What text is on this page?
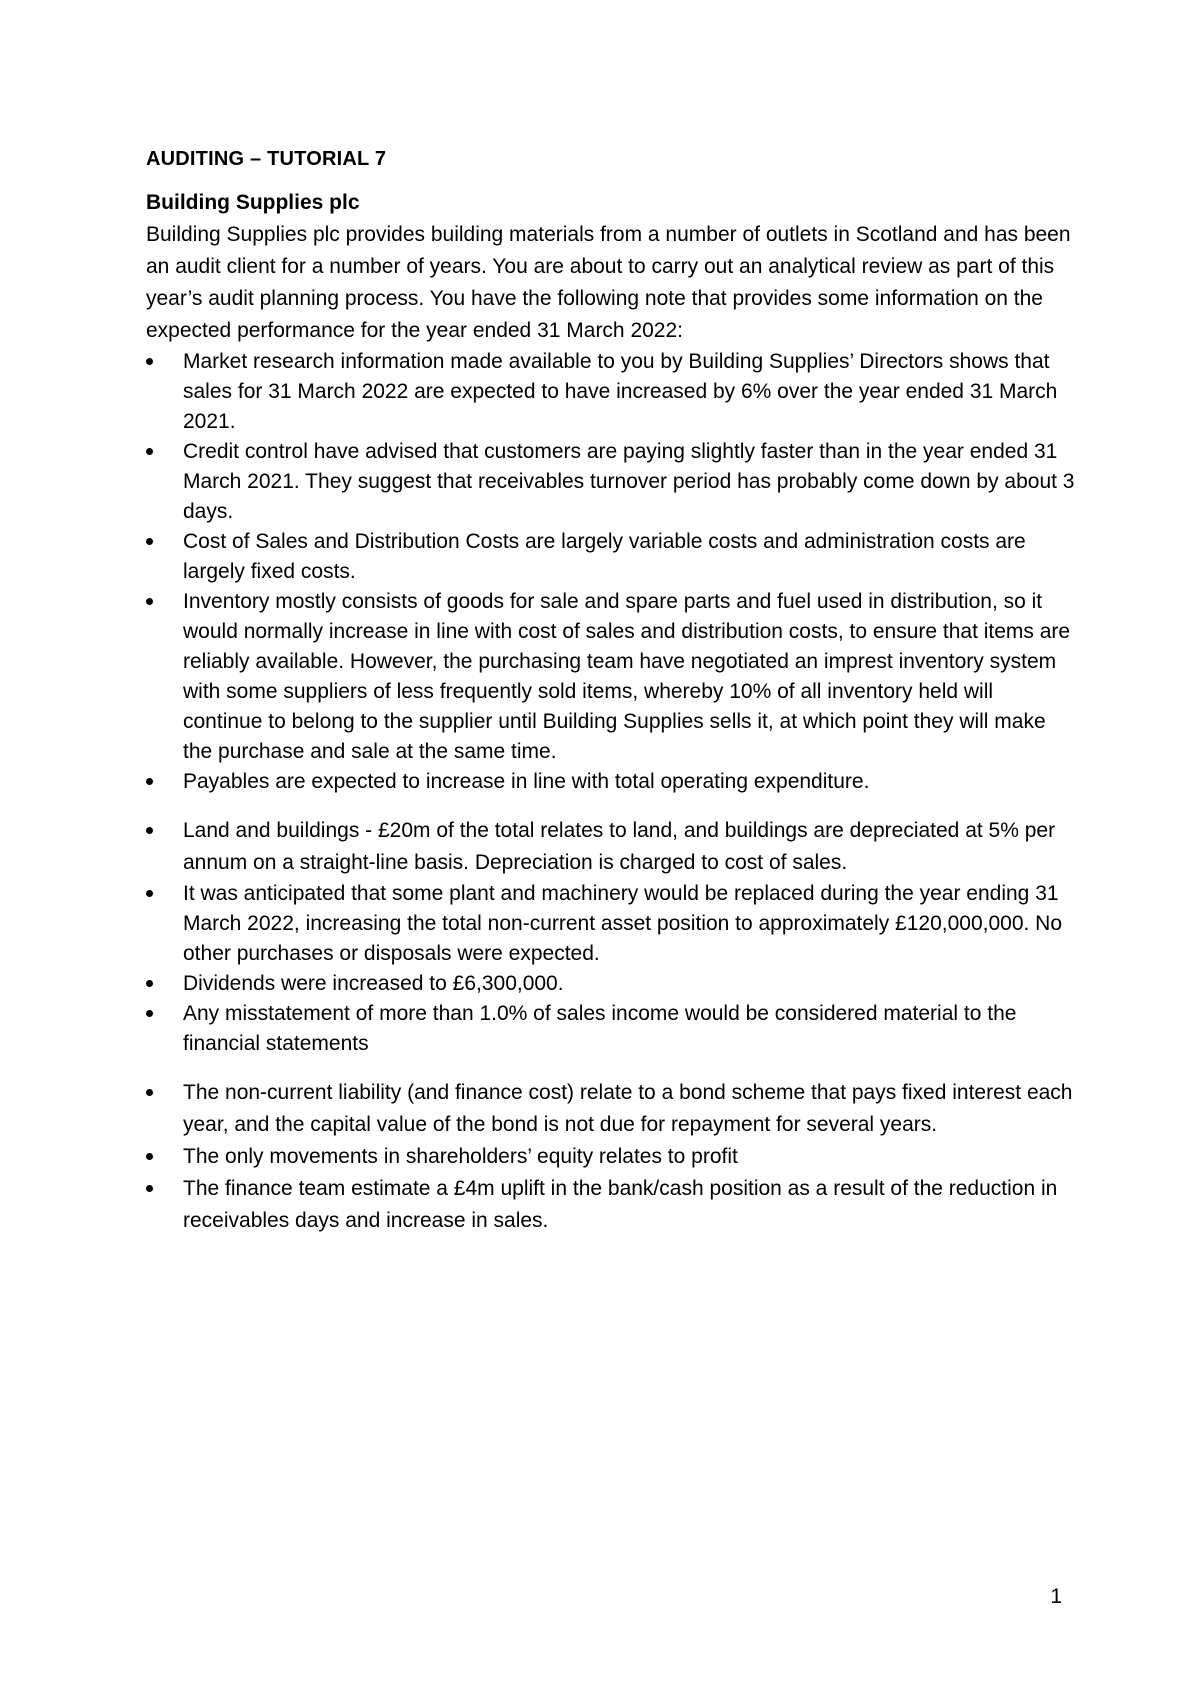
AUDITING – TUTORIAL 7
Building Supplies plc

Building Supplies plc provides building materials from a number of outlets in Scotland and has been an audit client for a number of years. You are about to carry out an analytical review as part of this year’s audit planning process. You have the following note that provides some information on the expected performance for the year ended 31 March 2022:

Market research information made available to you by Building Supplies’ Directors shows that sales for 31 March 2022 are expected to have increased by 6% over the year ended 31 March 2021.
Credit control have advised that customers are paying slightly faster than in the year ended 31 March 2021. They suggest that receivables turnover period has probably come down by about 3 days.
Cost of Sales and Distribution Costs are largely variable costs and administration costs are largely fixed costs.
Inventory mostly consists of goods for sale and spare parts and fuel used in distribution, so it would normally increase in line with cost of sales and distribution costs, to ensure that items are reliably available. However, the purchasing team have negotiated an imprest inventory system with some suppliers of less frequently sold items, whereby 10% of all inventory held will continue to belong to the supplier until Building Supplies sells it, at which point they will make the purchase and sale at the same time.
Payables are expected to increase in line with total operating expenditure.
Land and buildings - £20m of the total relates to land, and buildings are depreciated at 5% per annum on a straight-line basis. Depreciation is charged to cost of sales.
It was anticipated that some plant and machinery would be replaced during the year ending 31 March 2022, increasing the total non-current asset position to approximately £120,000,000. No other purchases or disposals were expected.
Dividends were increased to £6,300,000.
Any misstatement of more than 1.0% of sales income would be considered material to the financial statements
The non-current liability (and finance cost) relate to a bond scheme that pays fixed interest each year, and the capital value of the bond is not due for repayment for several years.
The only movements in shareholders’ equity relates to profit
The finance team estimate a £4m uplift in the bank/cash position as a result of the reduction in receivables days and increase in sales.
1
